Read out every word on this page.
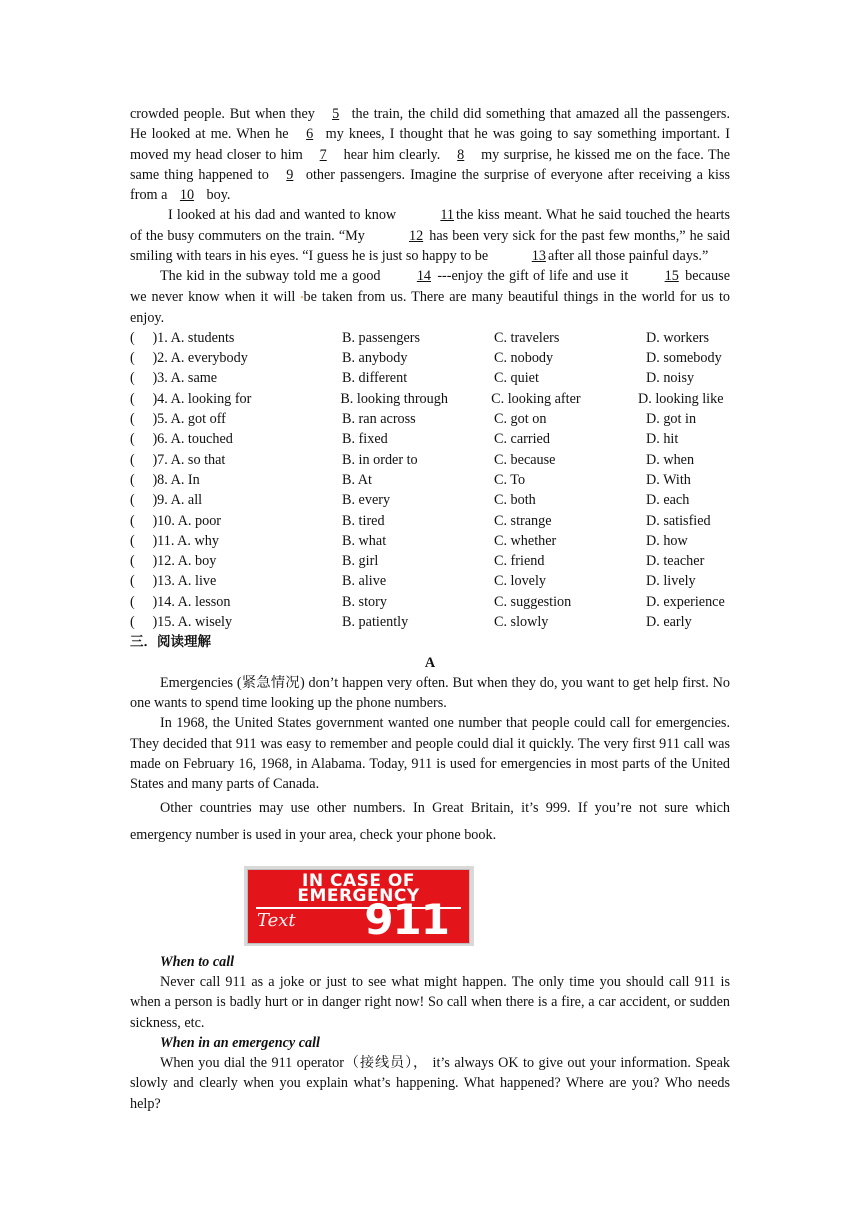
crowded people. But when they 5 the train, the child did something that amazed all the passengers. He looked at me. When he 6 my knees, I thought that he was going to say something important. I moved my head closer to him 7 hear him clearly. 8 my surprise, he kissed me on the face. The same thing happened to 9 other passengers. Imagine the surprise of everyone after receiving a kiss from a 10 boy.

I looked at his dad and wanted to know	11 the kiss meant. What he said touched the hearts of the busy commuters on the train. “My	12 has been very sick for the past few months,” he said smiling with tears in his eyes. “I guess he is just so happy to be	13 after all those painful days.”

The kid in the subway told me a good 14 ---enjoy the gift of life and use it 15 because we never know when it will •be taken from us. There are many beautiful things in the world for us to enjoy.

(     )1. A. students	B. passengers	C. travelers	D. workers
(     )2. A. everybody	B. anybody	C. nobody	D. somebody
(     )3. A. same	B. different	C. quiet	D. noisy
(     )4. A. looking for	B. looking through	C. looking after	D. looking like
(     )5. A. got off	B. ran across	C. got on	D. got in
(     )6. A. touched	B. fixed	C. carried	D. hit
(     )7. A. so that	B. in order to	C. because	D. when
(     )8. A. In	B. At	C. To	D. With
(     )9. A. all	B. every	C. both	D. each
(     )10. A. poor	B. tired	C. strange	D. satisfied
(     )11. A. why	B. what	C. whether	D. how
(     )12. A. boy	B. girl	C. friend	D. teacher
(     )13. A. live	B. alive	C. lovely	D. lively
(     )14. A. lesson	B. story	C. suggestion	D. experience
(     )15. A. wisely	B. patiently	C. slowly	D. early
三．阅读理解
A

Emergencies (紧急情况) don’t happen very often. But when they do, you want to get help first. No one wants to spend time looking up the phone numbers.

In 1968, the United States government wanted one number that people could call for emergencies. They decided that 911 was easy to remember and people could dial it quickly. The very first 911 call was made on February 16, 1968, in Alabama. Today, 911 is used for emergencies in most parts of the United States and many parts of Canada.

Other countries may use other numbers. In Great Britain, it’s 999. If you’re not sure which emergency number is used in your area, check your phone book.

When to call

Never call 911 as a joke or just to see what might happen. The only time you should call 911 is when a person is badly hurt or in danger right now! So call when there is a fire, a car accident, or sudden sickness, etc.

When in an emergency call

When you dial the 911 operator（接线员）， it’s always OK to give out your information. Speak slowly and clearly when you explain what’s happening. What happened? Where are you? Who needs help?

IN CASE OF
EMERGENCY
Text 911
